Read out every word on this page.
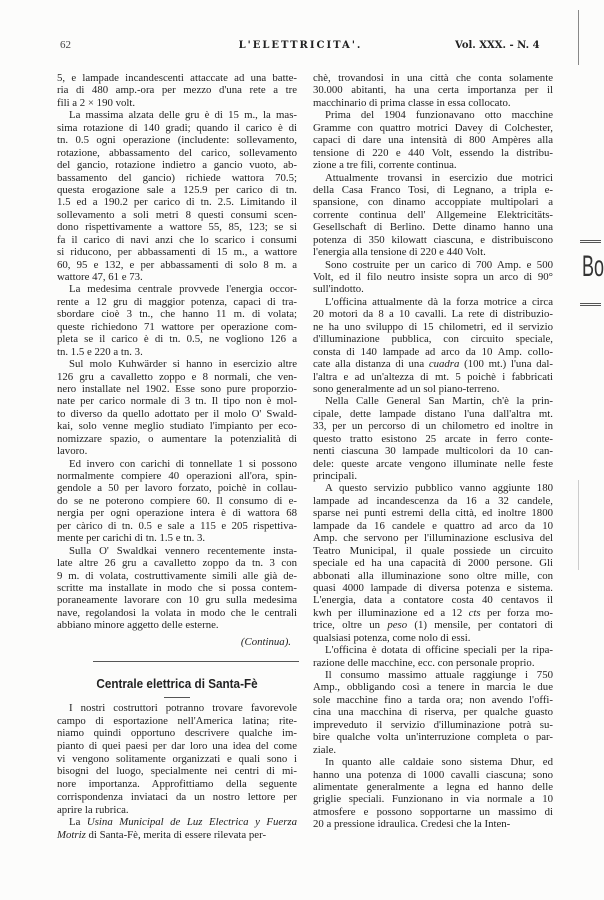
62	L'ELETTRICITA'.	Vol. XXX. - N. 4
5, e lampade incandescenti attaccate ad una batte-
ria di 480 amp.-ora per mezzo d'una rete a tre
fili a 2 × 190 volt.
La massima alzata delle gru è di 15 m., la mas-
sima rotazione di 140 gradi; quando il carico è di
tn. 0.5 ogni operazione (includente: sollevamento,
rotazione, abbassamento del carico, sollevamento
del gancio, rotazione indietro a gancio vuoto, ab-
bassamento del gancio) richiede wattora 70.5;
questa erogazione sale a 125.9 per carico di tn.
1.5 ed a 190.2 per carico di tn. 2.5. Limitando il
sollevamento a soli metri 8 questi consumi scen-
dono rispettivamente a wattore 55, 85, 123; se si
fa il carico di navi anzi che lo scarico i consumi
si riducono, per abbassamenti di 15 m., a wattore
60, 95 e 132, e per abbassamenti di solo 8 m. a
wattore 47, 61 e 73.
La medesima centrale provvede l'energia occor-
rente a 12 gru di maggior potenza, capaci di tra-
sbordare cioè 3 tn., che hanno 11 m. di volata;
queste richiedono 71 wattore per operazione com-
pleta se il carico è di tn. 0.5, ne vogliono 126 a
tn. 1.5 e 220 a tn. 3.
Sul molo Kuhwärder si hanno in esercizio altre
126 gru a cavalletto zoppo e 8 normali, che ven-
nero installate nel 1902. Esse sono pure proporzio-
nate per carico normale di 3 tn. Il tipo non è mol-
to diverso da quello adottato per il molo O' Swald-
kai, solo venne meglio studiato l'impianto per eco-
nomizzare spazio, o aumentare la potenzialità di
lavoro.
Ed invero con carichi di tonnellate 1 si possono
normalmente compiere 40 operazioni all'ora, spin-
gendole a 50 per lavoro forzato, poichè in collau-
do se ne poterono compiere 60. Il consumo di e-
nergia per ogni operazione intera è di wattora 68
per càrico di tn. 0.5 e sale a 115 e 205 rispettiva-
mente per carichi di tn. 1.5 e tn. 3.
Sulla O' Swaldkai vennero recentemente insta-
late altre 26 gru a cavalletto zoppo da tn. 3 con
9 m. di volata, costruttivamente simili alle già de-
scritte ma installate in modo che si possa contem-
poraneamente lavorare con 10 gru sulla medesima
nave, regolandosi la volata in modo che le centrali
abbiano minore aggetto delle esterne.
(Continua).
Centrale elettrica di Santa-Fè
I nostri costruttori potranno trovare favorevole
campo di esportazione nell'America latina; rite-
niamo quindi opportuno descrivere qualche im-
pianto di quei paesi per dar loro una idea del come
vi vengono solitamente organizzati e quali sono i
bisogni del luogo, specialmente nei centri di mi-
nore importanza. Approfittiamo della seguente
corrispondenza inviataci da un nostro lettore per
aprire la rubrica.
La Usina Municipal de Luz Electrica y Fuerza
Motriz di Santa-Fè, merita di essere rilevata per-
chè, trovandosi in una città che conta solamente
30.000 abitanti, ha una certa importanza per il
macchinario di prima classe in essa collocato.
Prima del 1904 funzionavano otto macchine
Gramme con quattro motrici Davey di Colchester,
capaci di dare una intensità di 800 Ampères alla
tensione di 220 e 440 Volt, essendo la distribu-
zione a tre fili, corrente continua.
Attualmente trovansi in esercizio due motrici
della Casa Franco Tosi, di Legnano, a tripla e-
spansione, con dinamo accoppiate multipolari a
corrente continua dell' Allgemeine Elektricitäts-
Gesellschaft di Berlino. Dette dinamo hanno una
potenza di 350 kilowatt ciascuna, e distribuiscono
l'energia alla tensione di 220 e 440 Volt.
Sono costruite per un carico di 700 Amp. e 500
Volt, ed il filo neutro insiste sopra un arco di 90°
sull'indotto.
L'officina attualmente dà la forza motrice a circa
20 motori da 8 a 10 cavalli. La rete di distribuzio-
ne ha uno sviluppo di 15 chilometri, ed il servizio
d'illuminazione pubblica, con circuito speciale,
consta di 140 lampade ad arco da 10 Amp. collo-
cate alla distanza di una cuadra (100 mt.) l'una dal-
l'altra e ad un'altezza di mt. 5 poichè i fabbricati
sono generalmente ad un sol piano-terreno.
Nella Calle General San Martin, ch'è la prin-
cipale, dette lampade distano l'una dall'altra mt.
33, per un percorso di un chilometro ed inoltre in
questo tratto esistono 25 arcate in ferro conte-
nenti ciascuna 30 lampade multicolori da 10 can-
dele: queste arcate vengono illuminate nelle feste
principali.
A questo servizio pubblico vanno aggiunte 180
lampade ad incandescenza da 16 a 32 candele,
sparse nei punti estremi della città, ed inoltre 1800
lampade da 16 candele e quattro ad arco da 10
Amp. che servono per l'illuminazione esclusiva del
Teatro Municipal, il quale possiede un circuito
speciale ed ha una capacità di 2000 persone. Gli
abbonati alla illuminazione sono oltre mille, con
quasi 4000 lampade di diversa potenza e sistema.
L'energia, data a contatore costa 40 centavos il
kwh per illuminazione ed a 12 cts per forza mo-
trice, oltre un peso (1) mensile, per contatori di
qualsiasi potenza, come nolo di essi.
L'officina è dotata di officine speciali per la ripa-
razione delle macchine, ecc. con personale proprio.
Il consumo massimo attuale raggiunge i 750
Amp., obbligando così a tenere in marcia le due
sole macchine fino a tarda ora; non avendo l'offi-
cina una macchina di riserva, per qualche guasto
impreveduto il servizio d'illuminazione potrà su-
bire qualche volta un'interruzione completa o par-
ziale.
In quanto alle caldaie sono sistema Dhur, ed
hanno una potenza di 1000 cavalli ciascuna; sono
alimentate generalmente a legna ed hanno delle
griglie speciali. Funzionano in via normale a 10
atmosfere e possono sopportarne un massimo di
20 a pressione idraulica. Credesi che la Inten-
Bo
